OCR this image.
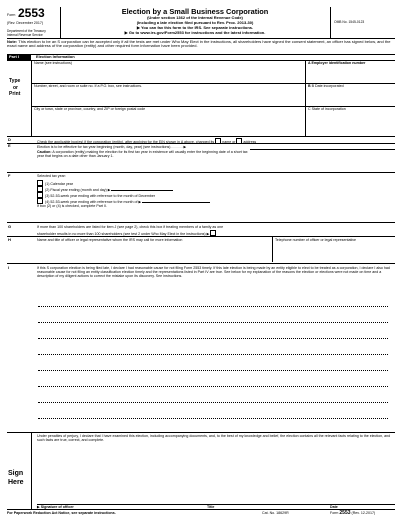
Form 2553
(Rev. December 2017)
Department of the Treasury
Internal Revenue Service
Election by a Small Business Corporation
(Under section 1362 of the Internal Revenue Code)
(Including a late election filed pursuant to Rev. Proc. 2013-30)
▶ You can fax this form to the IRS. See separate instructions.
▶ Go to www.irs.gov/Form2553 for instructions and the latest information.
OMB No. 1545-0123
Note: This election to be an S corporation can be accepted only if all the tests are met under Who May Elect in the instructions, all shareholders have signed the consent statement, an officer has signed below, and the exact name and address of the corporation (entity) and other required form information have been provided.
Part I	Election Information
Type
or
Print
Name (see instructions)	A Employer identification number
Number, street, and room or suite no. If a P.O. box, see instructions.	B B Date incorporated
City or town, state or province, country, and ZIP or foreign postal code	C State of incorporation
D
Check the applicable box(es) if the corporation (entity), after applying for the EIN shown in A above, changed its name or address
E	Election is to be effective for tax year beginning (month, day, year) (see instructions) . . . . . . ▶
Caution: A corporation (entity) making the election for its first tax year in existence will usually enter the beginning date of a short tax year that begins on a date other than January 1.
F	Selected tax year:
(1) Calendar year
(2) Fiscal year ending (month and day) ▶
(3) 52-53-week year ending with reference to the month of December
(4) 52-53-week year ending with reference to the month of ▶
If box (2) or (4) is checked, complete Part II.
G	If more than 100 shareholders are listed for item J (see page 2), check this box if treating members of a family as one
shareholder results in no more than 100 shareholders (see test 2 under Who May Elect in the instructions) ▶
H	Name and title of officer or legal representative whom the IRS may call for more information	Telephone number of officer or legal representative
I	If this S corporation election is being filed late, I declare I had reasonable cause for not filing Form 2553 timely. If this late election is being made by an entity eligible to elect to be treated as a corporation, I declare I also had reasonable cause for not filing an entity classification election timely and the representations listed in Part IV are true. See below for my explanation of the reasons the election or elections were not made on time and a description of my diligent actions to correct the mistake upon its discovery. See instructions.
Sign
Here
Under penalties of perjury, I declare that I have examined this election, including accompanying documents, and, to the best of my knowledge and belief, the election contains all the relevant facts relating to the election, and such facts are true, correct, and complete.
▶ Signature of officer	Title	Date
For Paperwork Reduction Act Notice, see separate instructions.	Cat. No. 18629R	Form 2553 (Rev. 12-2017)
